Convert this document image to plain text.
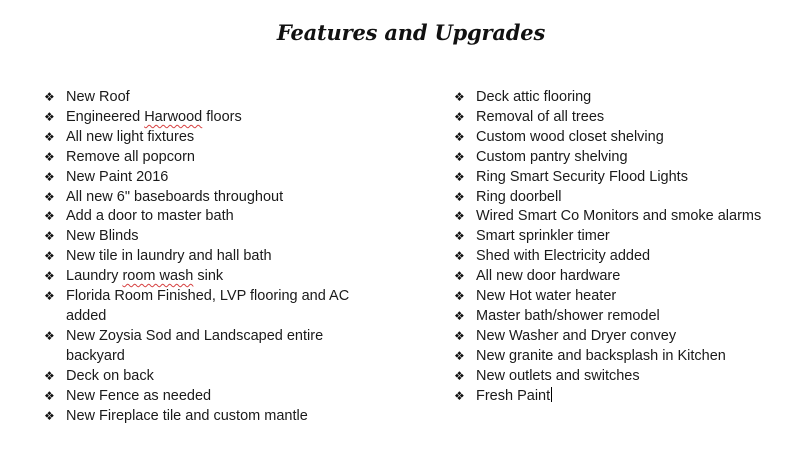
Features and Upgrades
❖ New Roof
❖ Engineered Harwood floors
❖ All new light fixtures
❖ Remove all popcorn
❖ New Paint 2016
❖ All new 6" baseboards throughout
❖ Add a door to master bath
❖ New Blinds
❖ New tile in laundry and hall bath
❖ Laundry room wash sink
❖ Florida Room Finished, LVP flooring and AC added
❖ New Zoysia Sod and Landscaped entire backyard
❖ Deck on back
❖ New Fence as needed
❖ New Fireplace tile and custom mantle
❖ Deck attic flooring
❖ Removal of all trees
❖ Custom wood closet shelving
❖ Custom pantry shelving
❖ Ring Smart Security Flood Lights
❖ Ring doorbell
❖ Wired Smart Co Monitors and smoke alarms
❖ Smart sprinkler timer
❖ Shed with Electricity added
❖ All new door hardware
❖ New Hot water heater
❖ Master bath/shower remodel
❖ New Washer and Dryer convey
❖ New granite and backsplash in Kitchen
❖ New outlets and switches
❖ Fresh Paint
